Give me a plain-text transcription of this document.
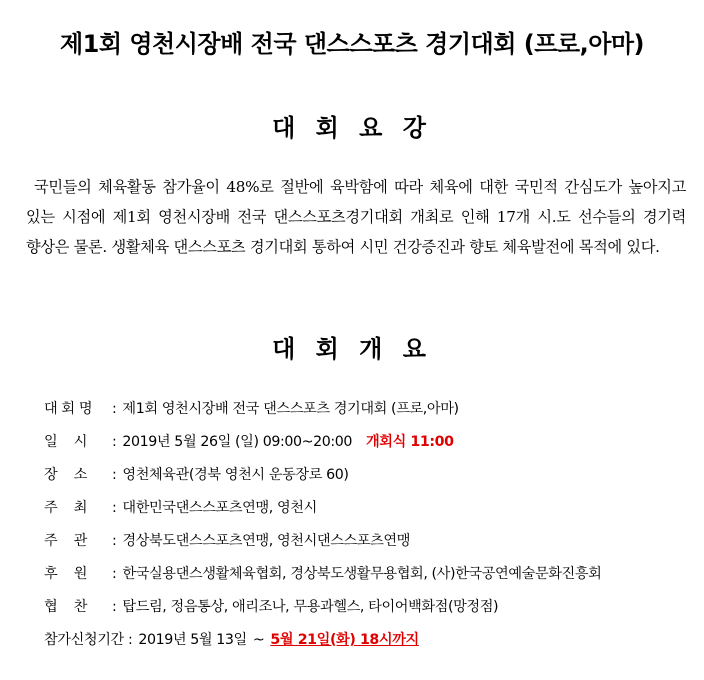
제1회 영천시장배 전국 댄스스포츠 경기대회 (프로,아마)
대 회 요 강

국민들의 체육활동 참가율이 48%로 절반에 육박함에 따라 체육에 대한 국민적 간심도가 높아지고 있는 시점에 제1회 영천시장배 전국 댄스스포츠경기대회 개최로 인해 17개 시.도 선수들의 경기력 향상은 물론. 생활체육 댄스스포츠 경기대회 통하여 시민 건강증진과 향토 체육발전에 목적에 있다.

대 회 개 요
대 회 명 : 제1회 영천시장배 전국 댄스스포츠 경기대회 (프로,아마)
일    시 : 2019년 5월 26일 (일) 09:00~20:00 개회식 11:00
장    소 : 영천체육관(경북 영천시 운동장로 60)
주    최 : 대한민국댄스스포츠연맹, 영천시
주    관 : 경상북도댄스스포츠연맹, 영천시댄스스포츠연맹
후    원 : 한국실용댄스생활체육협회, 경상북도생활무용협회, (사)한국공연예술문화진흥회
협    찬 : 탑드림, 정음통상, 애리조나, 무용과헬스, 타이어백화점(망정점)
참가신청기간 : 2019년 5월 13일 ~ 5월 21일(화) 18시까지
